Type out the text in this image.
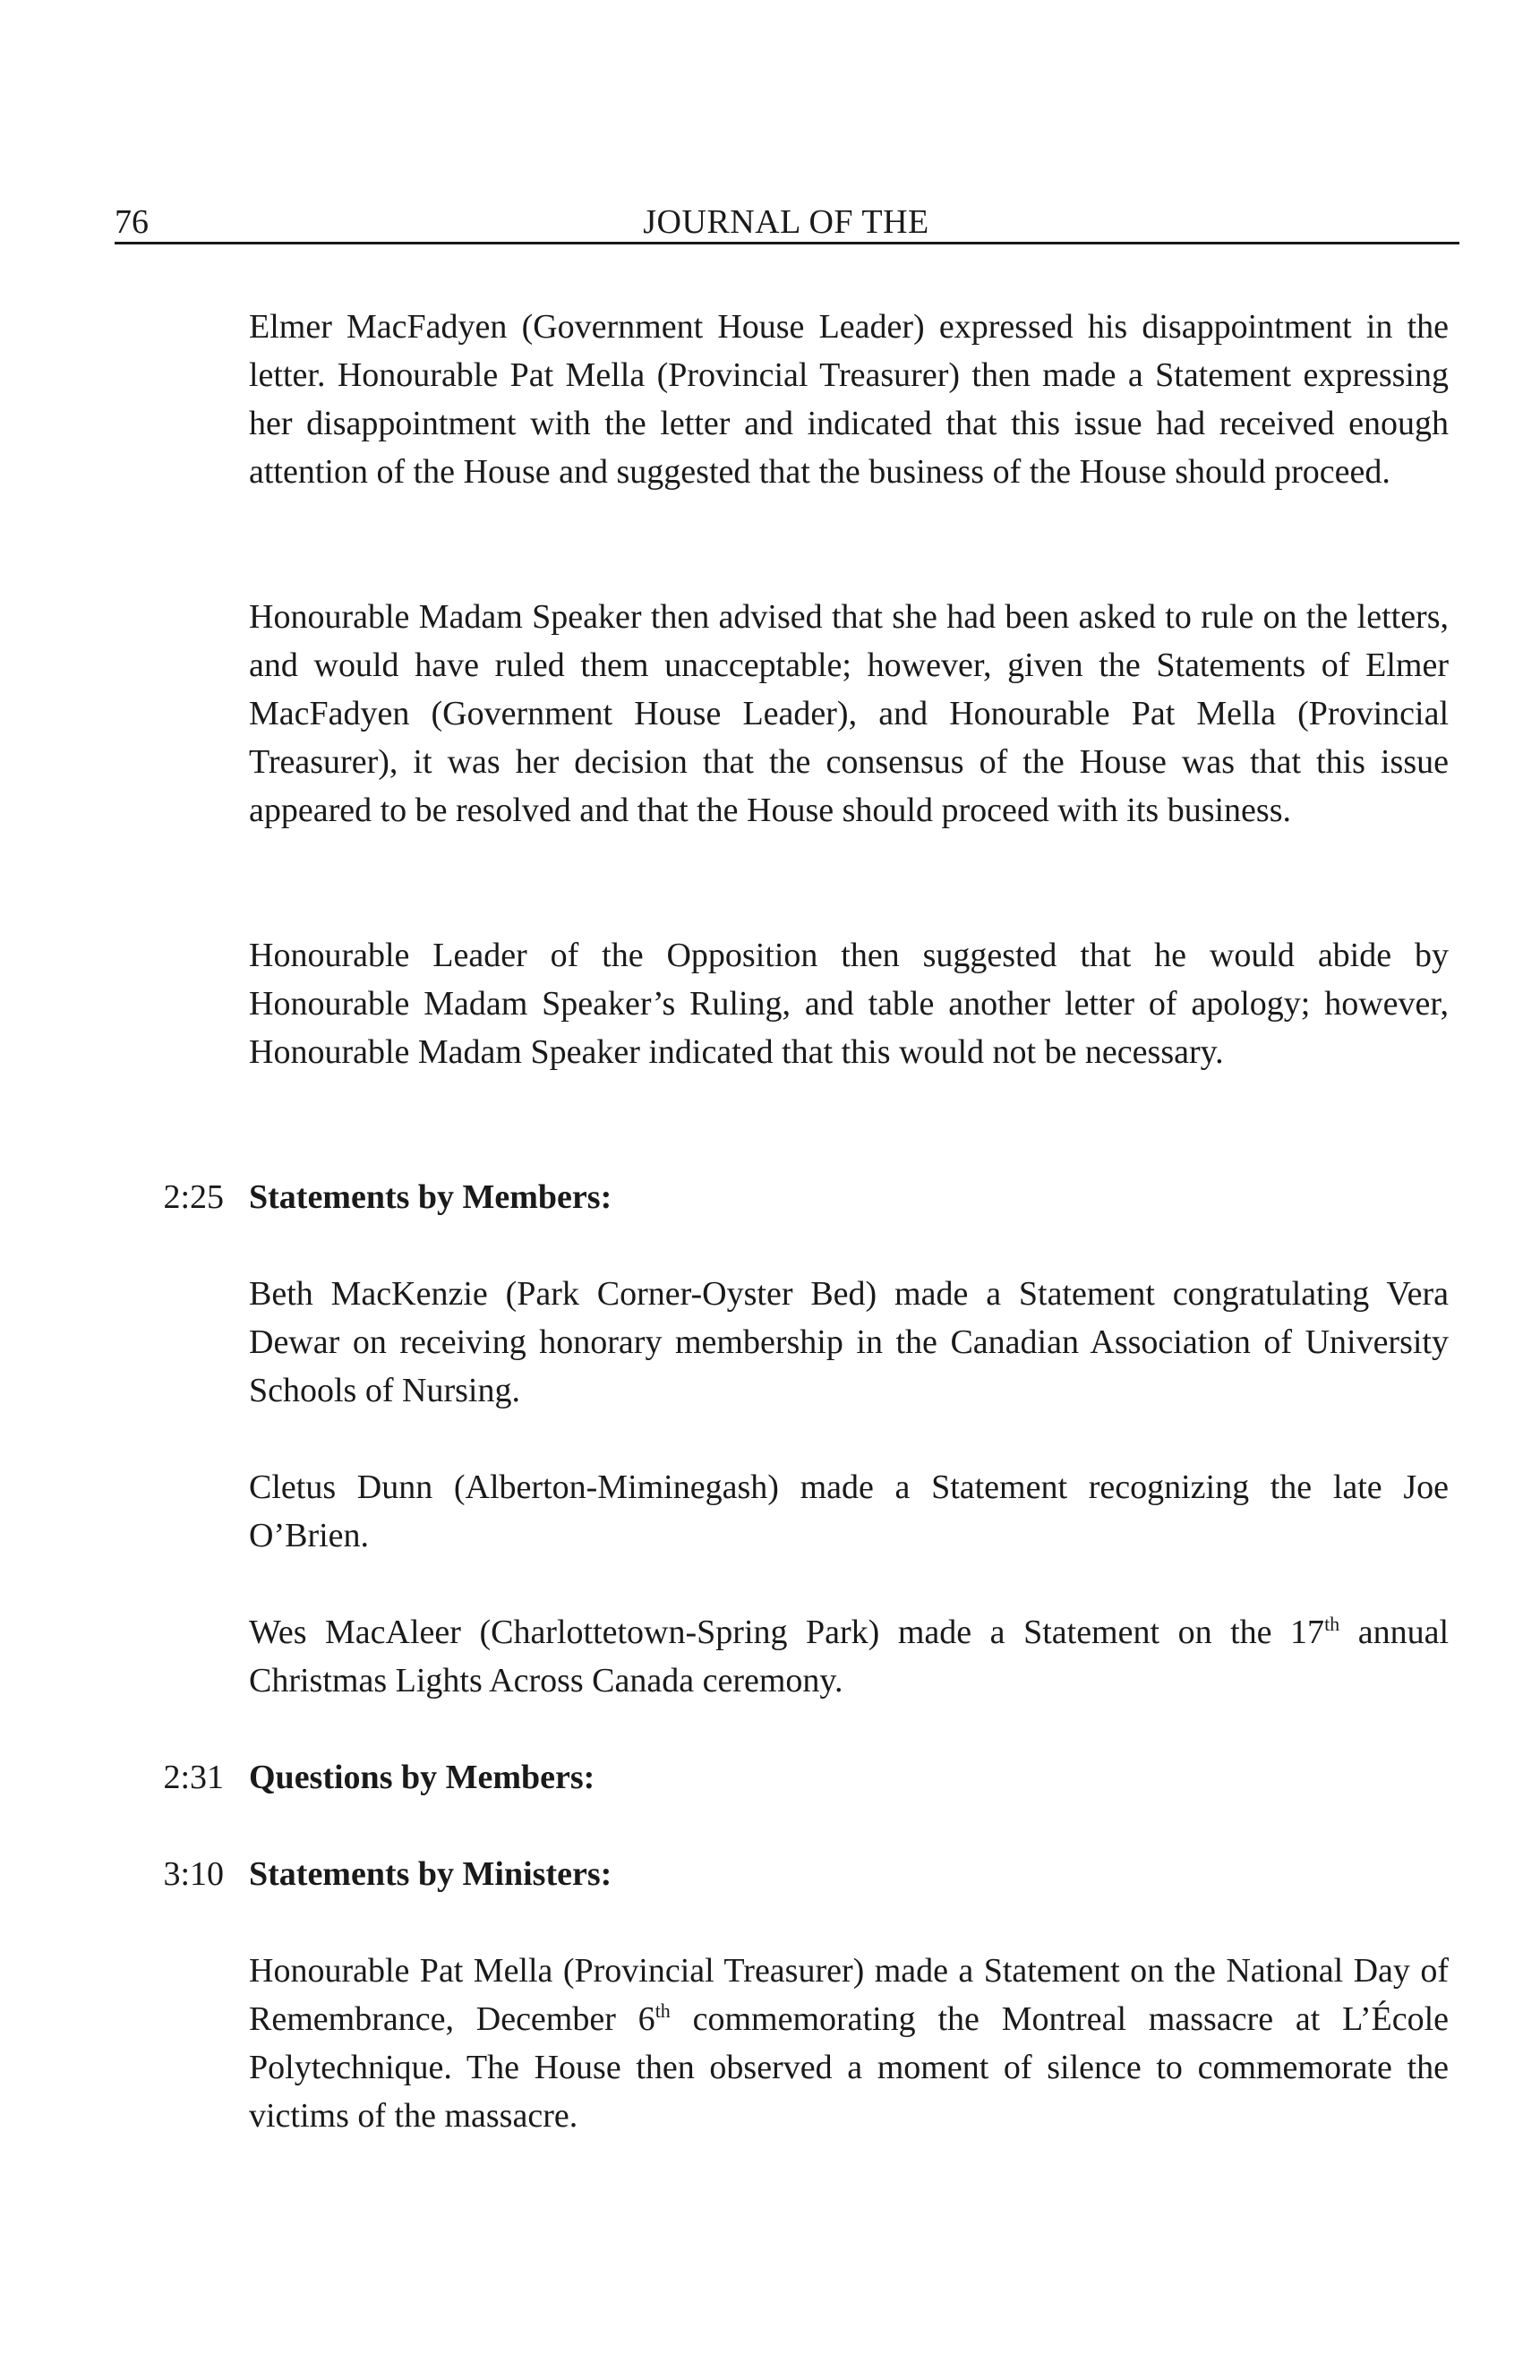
76	JOURNAL OF THE

Elmer MacFadyen (Government House Leader) expressed his disappointment in the letter. Honourable Pat Mella (Provincial Treasurer) then made a Statement expressing her disappointment with the letter and indicated that this issue had received enough attention of the House and suggested that the business of the House should proceed.

Honourable Madam Speaker then advised that she had been asked to rule on the letters, and would have ruled them unacceptable; however, given the Statements of Elmer MacFadyen (Government House Leader), and Honourable Pat Mella (Provincial Treasurer), it was her decision that the consensus of the House was that this issue appeared to be resolved and that the House should proceed with its business.

Honourable Leader of the Opposition then suggested that he would abide by Honourable Madam Speaker’s Ruling, and table another letter of apology; however, Honourable Madam Speaker indicated that this would not be necessary.

2:25 Statements by Members:

Beth MacKenzie (Park Corner-Oyster Bed) made a Statement congratulating Vera Dewar on receiving honorary membership in the Canadian Association of University Schools of Nursing.

Cletus Dunn (Alberton-Miminegash) made a Statement recognizing the late Joe O’Brien.

Wes MacAleer (Charlottetown-Spring Park) made a Statement on the 17th annual Christmas Lights Across Canada ceremony.

2:31 Questions by Members:
3:10 Statements by Ministers:

Honourable Pat Mella (Provincial Treasurer) made a Statement on the National Day of Remembrance, December 6th commemorating the Montreal massacre at L’École Polytechnique. The House then observed a moment of silence to commemorate the victims of the massacre.
